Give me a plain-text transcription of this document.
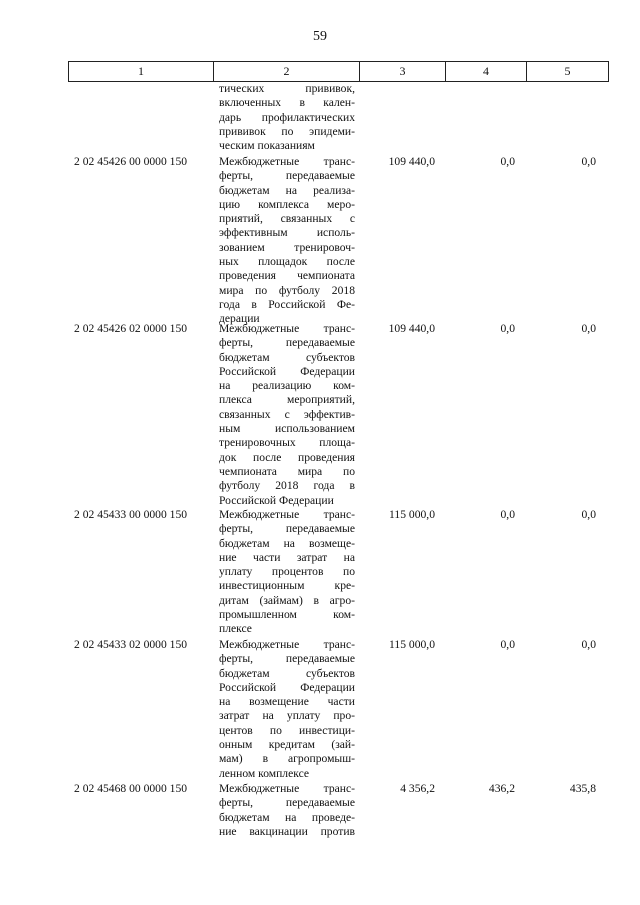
59
1	2	3	4	5
тических прививок,
включенных в кален-
дарь профилактических
прививок по эпидеми-
ческим показаниям
2 02 45426 00 0000 150	Межбюджетные транс-
ферты, передаваемые
бюджетам на реализа-
цию комплекса меро-
приятий, связанных с
эффективным исполь-
зованием тренировоч-
ных площадок после
проведения чемпионата
мира по футболу 2018
года в Российской Фе-
дерации
109 440,0	0,0	0,0
2 02 45426 02 0000 150	Межбюджетные транс-
ферты, передаваемые
бюджетам субъектов
Российской Федерации
на реализацию ком-
плекса мероприятий,
связанных с эффектив-
ным использованием
тренировочных площа-
док после проведения
чемпионата мира по
футболу 2018 года в
Российской Федерации
109 440,0	0,0	0,0
2 02 45433 00 0000 150	Межбюджетные транс-
ферты, передаваемые
бюджетам на возмеще-
ние части затрат на
уплату процентов по
инвестиционным кре-
дитам (займам) в агро-
промышленном ком-
плексе
115 000,0	0,0	0,0
2 02 45433 02 0000 150	Межбюджетные транс-
ферты, передаваемые
бюджетам субъектов
Российской Федерации
на возмещение части
затрат на уплату про-
центов по инвестици-
онным кредитам (зай-
мам) в агропромыш-
ленном комплексе
115 000,0	0,0	0,0
2 02 45468 00 0000 150	Межбюджетные транс-
ферты, передаваемые
бюджетам на проведе-
ние вакцинации против
4 356,2	436,2	435,8
